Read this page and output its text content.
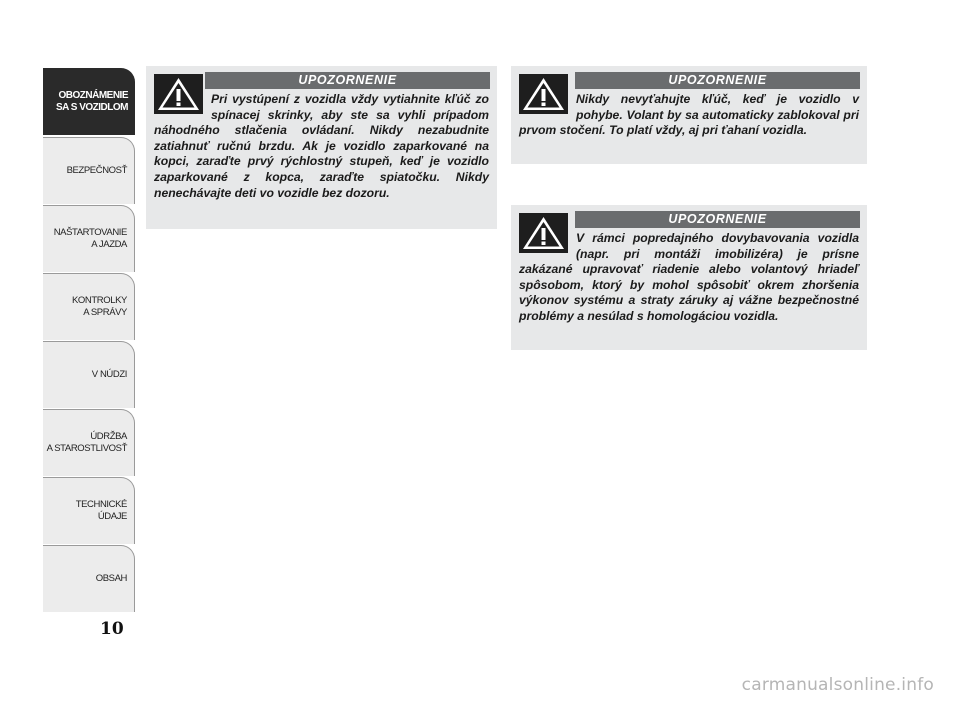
OBOZNÁMENIE
SA S VOZIDLOM
BEZPEČNOSŤ
NAŠTARTOVANIE
A JAZDA
KONTROLKY
A SPRÁVY
V NÚDZI
ÚDRŽBA
A STAROSTLIVOSŤ
TECHNICKÉ
ÚDAJE
OBSAH
10
UPOZORNENIE
Pri vystúpení z vozidla vždy vytiahnite kľúč zo spínacej skrinky, aby ste sa vyhli prípadom náhodného stlačenia ovládaní. Nikdy nezabudnite zatiahnuť ručnú brzdu. Ak je vozidlo zaparkované na kopci, zaraďte prvý rýchlostný stupeň, keď je vozidlo zaparkované z kopca, zaraďte spiatočku. Nikdy nenechávajte deti vo vozidle bez dozoru.
UPOZORNENIE
Nikdy nevyťahujte kľúč, keď je vozidlo v pohybe. Volant by sa automaticky zablokoval pri prvom stočení. To platí vždy, aj pri ťahaní vozidla.
UPOZORNENIE
V rámci popredajného dovybavovania vozidla (napr. pri montáži imobilizéra) je prísne zakázané upravovať riadenie alebo volantový hriadeľ spôsobom, ktorý by mohol spôsobiť okrem zhoršenia výkonov systému a straty záruky aj vážne bezpečnostné problémy a nesúlad s homologáciou vozidla.
carmanualsonline.info
